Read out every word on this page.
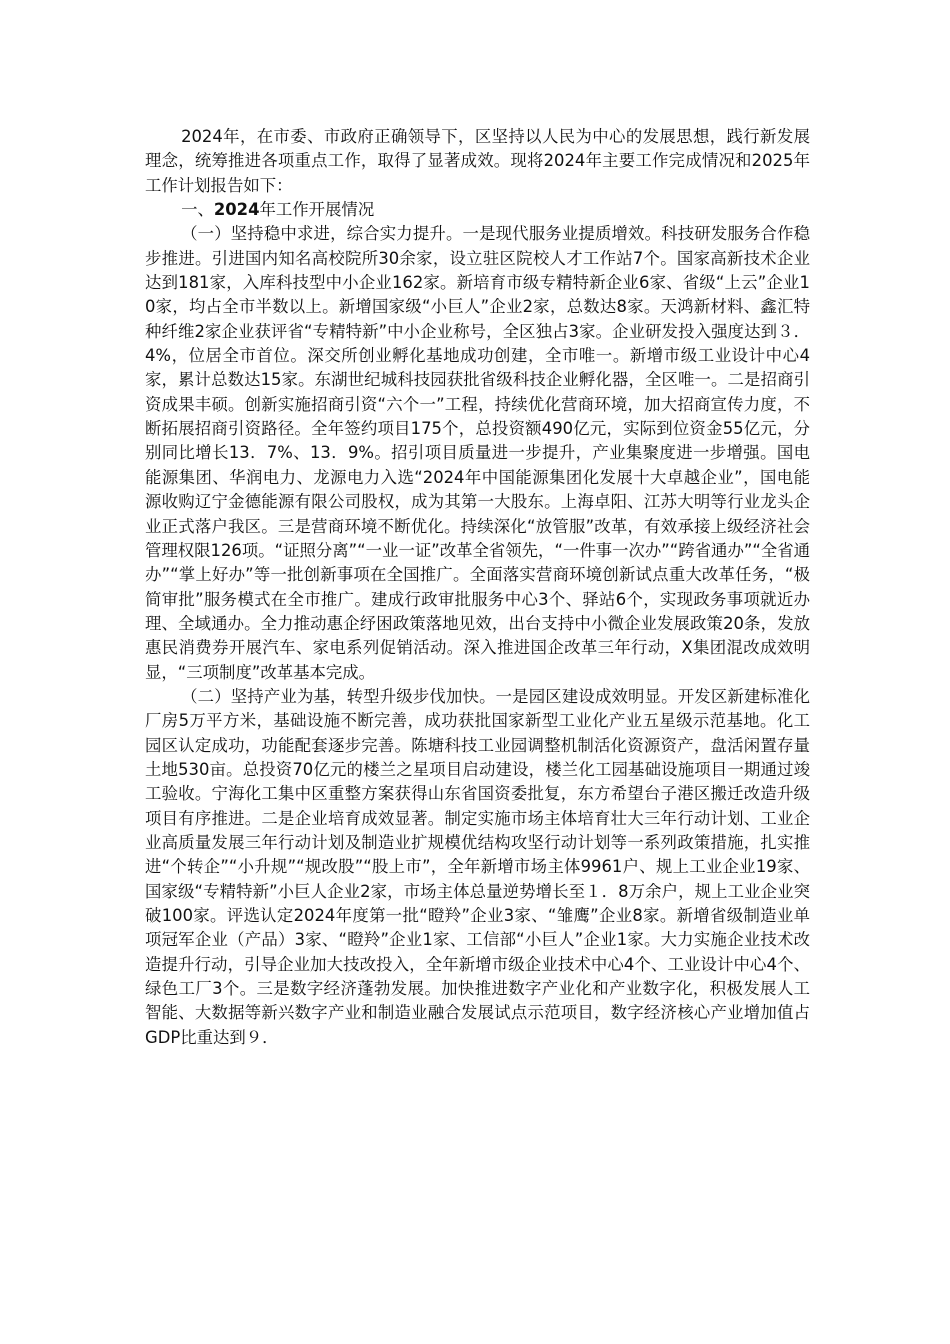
2024年，在市委、市政府正确领导下，区坚持以人民为中心的发展思想，践行新发展理念，统筹推进各项重点工作，取得了显著成效。现将2024年主要工作完成情况和2025年工作计划报告如下：

一、2024年工作开展情况

（一）坚持稳中求进，综合实力提升。一是现代服务业提质增效。科技研发服务合作稳步推进。引进国内知名高校院所30余家，设立驻区院校人才工作站7个。国家高新技术企业达到181家，入库科技型中小企业162家。新培育市级专精特新企业6家、省级“上云”企业10家，均占全市半数以上。新增国家级“小巨人”企业2家，总数达8家。天鸿新材料、鑫汇特种纤维2家企业获评省“专精特新”中小企业称号，全区独占3家。企业研发投入强度达到３．4%，位居全市首位。深交所创业孵化基地成功创建，全市唯一。新增市级工业设计中心4家，累计总数达15家。东湖世纪城科技园获批省级科技企业孵化器，全区唯一。二是招商引资成果丰硕。创新实施招商引资“六个一”工程，持续优化营商环境，加大招商宣传力度，不断拓展招商引资路径。全年签约项目175个，总投资额490亿元，实际到位资金55亿元，分别同比增长13．7%、13．9%。招引项目质量进一步提升，产业集聚度进一步增强。国电能源集团、华润电力、龙源电力入选“2024年中国能源集团化发展十大卓越企业”，国电能源收购辽宁金德能源有限公司股权，成为其第一大股东。上海卓阳、江苏大明等行业龙头企业正式落户我区。三是营商环境不断优化。持续深化“放管服”改革，有效承接上级经济社会管理权限126项。“证照分离”“一业一证”改革全省领先，“一件事一次办”“跨省通办”“全省通办”“掌上好办”等一批创新事项在全国推广。全面落实营商环境创新试点重大改革任务，“极简审批”服务模式在全市推广。建成行政审批服务中心3个、驿站6个，实现政务事项就近办理、全域通办。全力推动惠企纾困政策落地见效，出台支持中小微企业发展政策20条，发放惠民消费券开展汽车、家电系列促销活动。深入推进国企改革三年行动，X集团混改成效明显，“三项制度”改革基本完成。

（二）坚持产业为基，转型升级步伐加快。一是园区建设成效明显。开发区新建标准化厂房5万平方米，基础设施不断完善，成功获批国家新型工业化产业五星级示范基地。化工园区认定成功，功能配套逐步完善。陈塘科技工业园调整机制活化资源资产，盘活闲置存量土地530亩。总投资70亿元的楼兰之星项目启动建设，楼兰化工园基础设施项目一期通过竣工验收。宁海化工集中区重整方案获得山东省国资委批复，东方希望台子港区搬迁改造升级项目有序推进。二是企业培育成效显著。制定实施市场主体培育壮大三年行动计划、工业企业高质量发展三年行动计划及制造业扩规模优结构攻坚行动计划等一系列政策措施，扎实推进“个转企”“小升规”“规改股”“股上市”，全年新增市场主体9961户、规上工业企业19家、国家级“专精特新”小巨人企业2家，市场主体总量逆势增长至１．8万余户，规上工业企业突破100家。评选认定2024年度第一批“瞪羚”企业3家、“雏鹰”企业8家。新增省级制造业单项冠军企业（产品）3家、“瞪羚”企业1家、工信部“小巨人”企业1家。大力实施企业技术改造提升行动，引导企业加大技改投入，全年新增市级企业技术中心4个、工业设计中心4个、绿色工厂3个。三是数字经济蓬勃发展。加快推进数字产业化和产业数字化，积极发展人工智能、大数据等新兴数字产业和制造业融合发展试点示范项目，数字经济核心产业增加值占GDP比重达到９．
